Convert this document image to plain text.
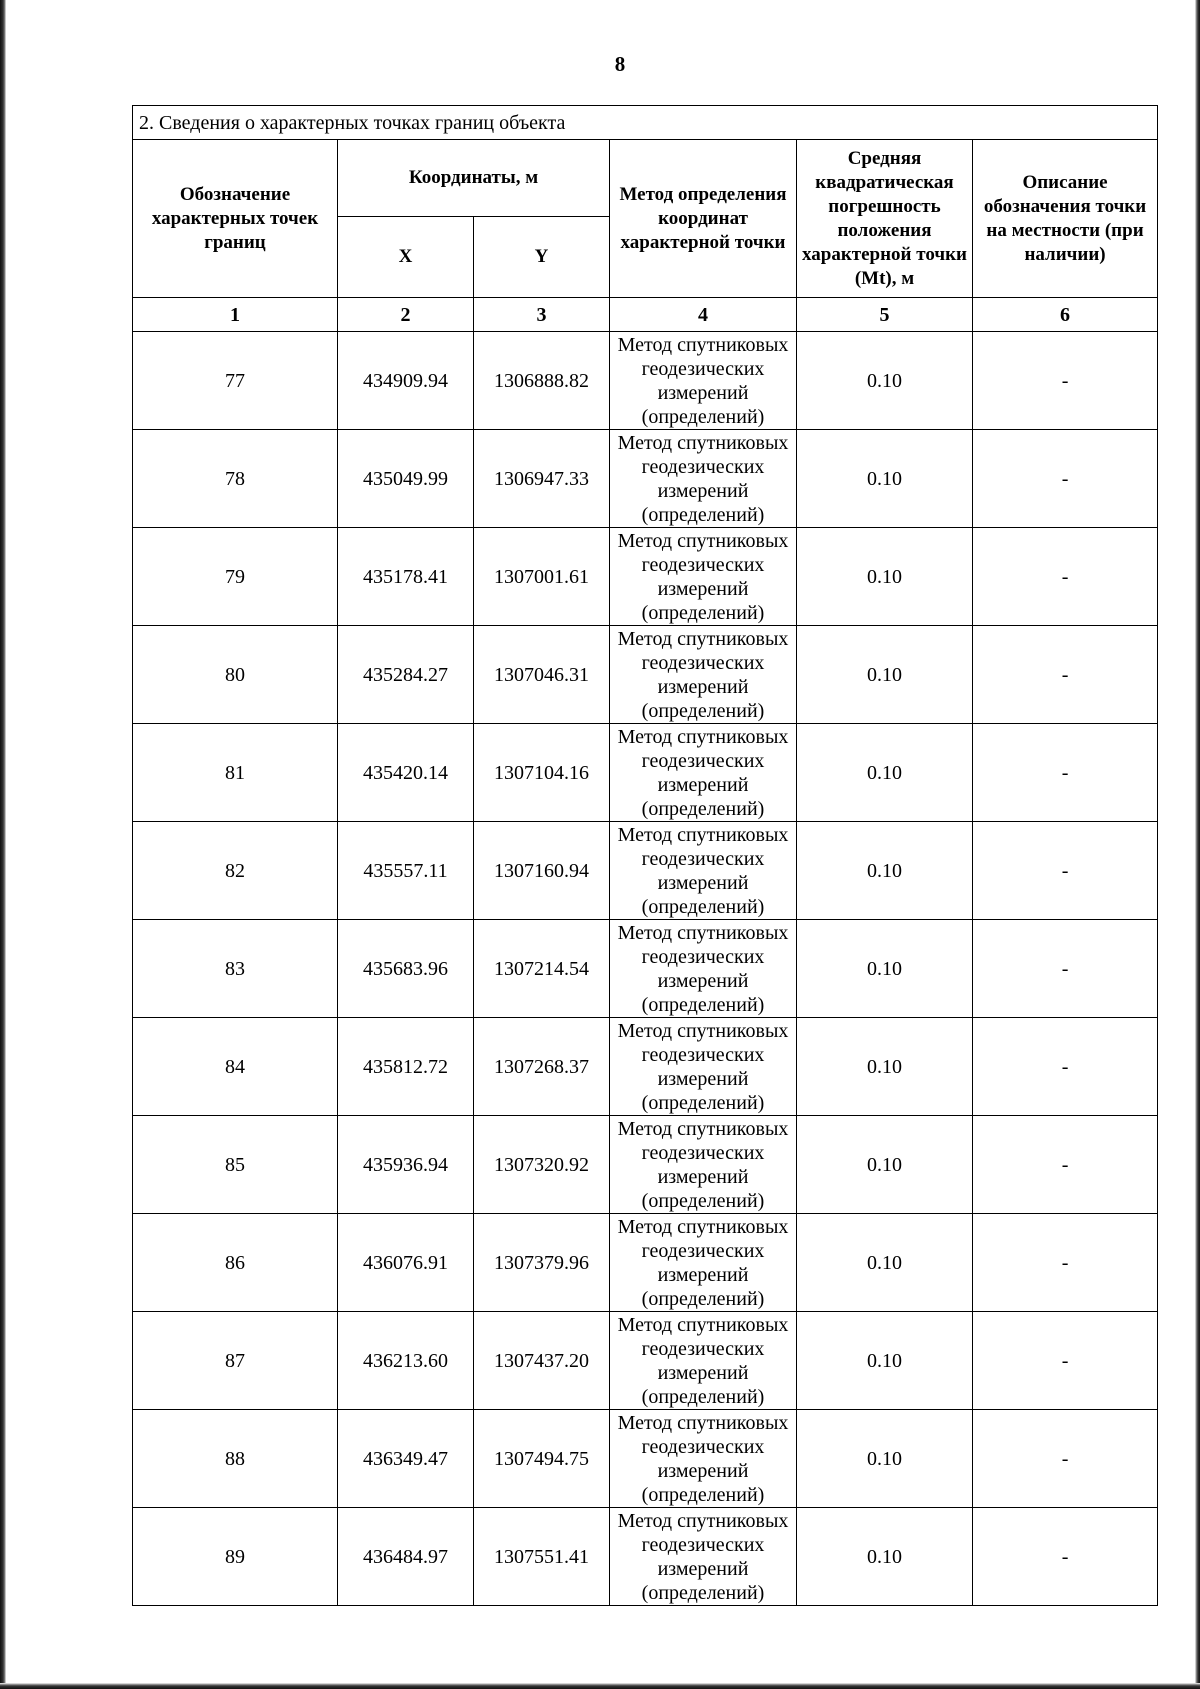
8
2. Сведения о характерных точках границ объекта					
Обозначение характерных точек границ	Координаты, м		Метод определения координат характерной точки	Средняя квадратическая погрешность положения характерной точки (Mt), м	Описание обозначения точки на местности (при наличии)
	X	Y			
1	2	3	4	5	6
77	434909.94	1306888.82	Метод спутниковых геодезических измерений (определений)	0.10	-
78	435049.99	1306947.33	Метод спутниковых геодезических измерений (определений)	0.10	-
79	435178.41	1307001.61	Метод спутниковых геодезических измерений (определений)	0.10	-
80	435284.27	1307046.31	Метод спутниковых геодезических измерений (определений)	0.10	-
81	435420.14	1307104.16	Метод спутниковых геодезических измерений (определений)	0.10	-
82	435557.11	1307160.94	Метод спутниковых геодезических измерений (определений)	0.10	-
83	435683.96	1307214.54	Метод спутниковых геодезических измерений (определений)	0.10	-
84	435812.72	1307268.37	Метод спутниковых геодезических измерений (определений)	0.10	-
85	435936.94	1307320.92	Метод спутниковых геодезических измерений (определений)	0.10	-
86	436076.91	1307379.96	Метод спутниковых геодезических измерений (определений)	0.10	-
87	436213.60	1307437.20	Метод спутниковых геодезических измерений (определений)	0.10	-
88	436349.47	1307494.75	Метод спутниковых геодезических измерений (определений)	0.10	-
89	436484.97	1307551.41	Метод спутниковых геодезических измерений (определений)	0.10	-
